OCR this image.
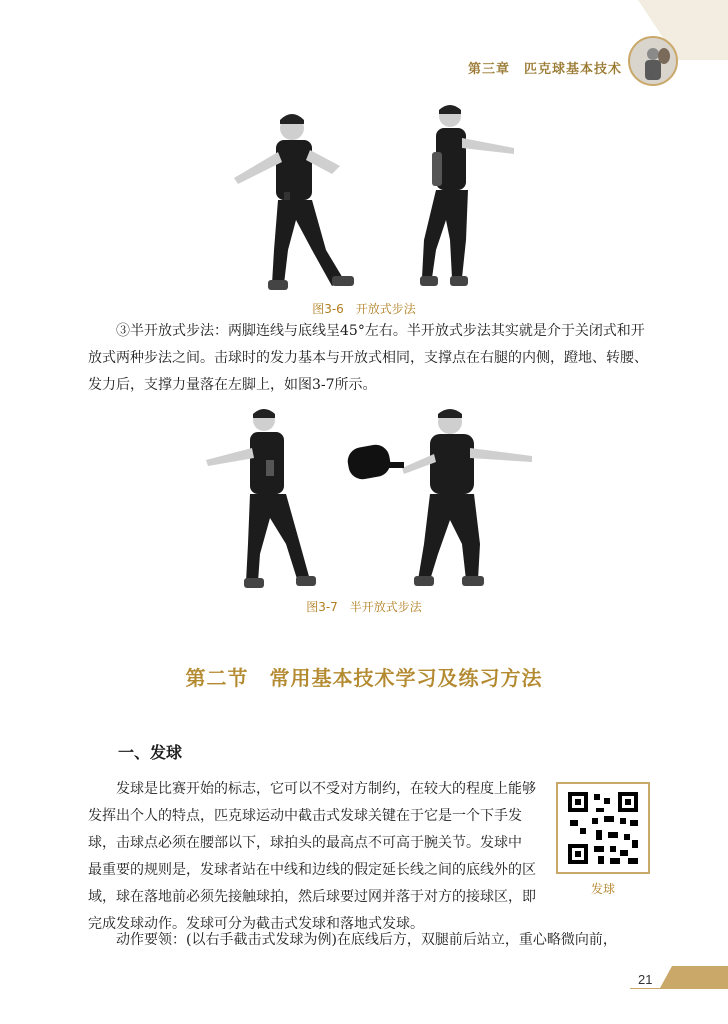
第三章　匹克球基本技术
图3-6　开放式步法

③半开放式步法：两脚连线与底线呈45°左右。半开放式步法其实就是介于关闭式和开放式两种步法之间。击球时的发力基本与开放式相同，支撑点在右腿的内侧，蹬地、转腰、发力后，支撑力量落在左脚上，如图3-7所示。

图3-7　半开放式步法
第二节　常用基本技术学习及练习方法
一、发球

发球是比赛开始的标志，它可以不受对方制约，在较大的程度上能够发挥出个人的特点，匹克球运动中截击式发球关键在于它是一个下手发球，击球点必须在腰部以下，球拍头的最高点不可高于腕关节。发球中 最重要的规则是，发球者站在中线和边线的假定延长线之间的底线外的区域，球在落地前必须先接触球拍，然后球要过网并落于对方的接球区，即完成发球动作。发球可分为截击式发球和落地式发球。

动作要领：(以右手截击式发球为例)在底线后方，双腿前后站立，重心略微向前，

发球
21
